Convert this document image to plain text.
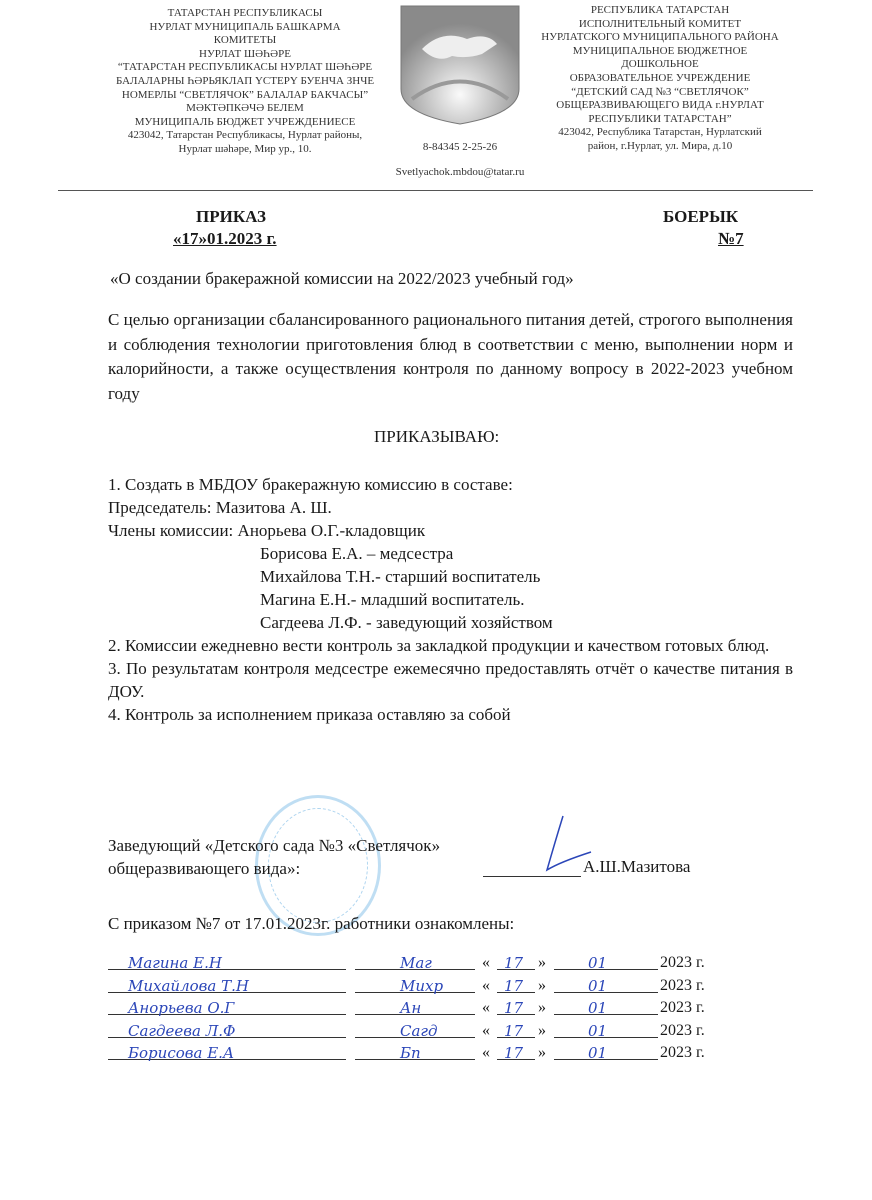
ТАТАРСТАН РЕСПУБЛИКАСЫ
НУРЛАТ МУНИЦИПАЛЬ БАШКАРМА
КОМИТЕТЫ
НУРЛАТ ШӘҺӘРЕ
“ТАТАРСТАН РЕСПУБЛИКАСЫ НУРЛАТ ШӘҺӘРЕ
БАЛАЛАРНЫ ҺӘРЬЯКЛАП ҮСТЕРҮ БУЕНЧА ЗНЧЕ
НОМЕРЛЫ “СВЕТЛЯЧОК” БАЛАЛАР БАКЧАСЫ”
МӘКТӘПКӘЧӘ БЕЛЕМ
МУНИЦИПАЛЬ БЮДЖЕТ УЧРЕЖДЕНИЕСЕ
423042, Татарстан Республикасы, Нурлат районы,
Нурлат шәһәре, Мир ур., 10.	8-84345 2-25-26
Svetlyachok.mbdou@tatar.ru
РЕСПУБЛИКА ТАТАРСТАН
ИСПОЛНИТЕЛЬНЫЙ КОМИТЕТ
НУРЛАТСКОГО МУНИЦИПАЛЬНОГО РАЙОНА
МУНИЦИПАЛЬНОЕ БЮДЖЕТНОЕ
ДОШКОЛЬНОЕ
ОБРАЗОВАТЕЛЬНОЕ УЧРЕЖДЕНИЕ
“ДЕТСКИЙ САД №3 “СВЕТЛЯЧОК”
ОБЩЕРАЗВИВАЮЩЕГО ВИДА г.НУРЛАТ
РЕСПУБЛИКИ ТАТАРСТАН”
423042, Республика Татарстан, Нурлатский
район, г.Нурлат, ул. Мира, д.10
ПРИКАЗ
«17»01.2023 г.
БОЕРЫК
№7
«О создании бракеражной комиссии на 2022/2023 учебный год»
С целью организации сбалансированного рационального питания детей, строгого выполнения и соблюдения технологии приготовления блюд в соответствии с меню, выполнении норм и калорийности, а также осуществления контроля по данному вопросу в 2022-2023 учебном году
ПРИКАЗЫВАЮ:
1. Создать в МБДОУ бракеражную комиссию в составе:
Председатель: Мазитова А. Ш.
Члены комиссии: Анорьева О.Г.-кладовщик
Борисова Е.А. – медсестра
Михайлова Т.Н.- старший воспитатель
Магина Е.Н.- младший воспитатель.
Сагдеева Л.Ф. - заведующий хозяйством
2. Комиссии ежедневно вести контроль за закладкой продукции и качеством готовых блюд.
3. По результатам контроля медсестре ежемесячно предоставлять отчёт о качестве питания в ДОУ.
4. Контроль за исполнением приказа оставляю за собой
Заведующий «Детского сада №3 «Светлячок»
общеразвивающего вида»:	А.Ш.Мазитова
С приказом №7 от 17.01.2023г. работники ознакомлены:
Магина Е.Н	Маг	« 17 »	01	2023 г.
Михайлова Т.Н	Михр « 17 »	01	2023 г.
Анорьева О.Г	Ан	« 17 »	01	2023 г.
Сагдеева Л.Ф	Сагд	« 17 »	01	2023 г.
Борисова Е.А	Бп	« 17 »	01	2023 г.
